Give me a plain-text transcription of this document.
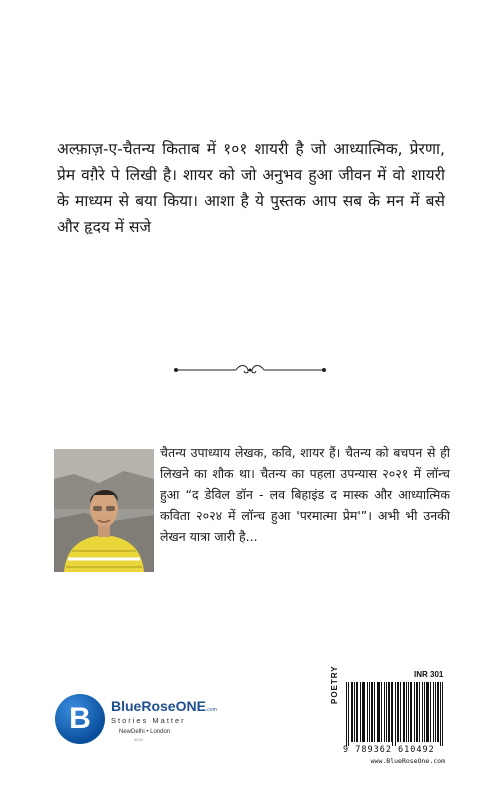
अल्फ़ाज़-ए-चैतन्य किताब में १०१ शायरी है जो आध्यात्मिक, प्रेरणा, प्रेम वग़ैरे पे लिखी है। शायर को जो अनुभव हुआ जीवन में वो शायरी के माध्यम से बया किया। आशा है ये पुस्तक आप सब के मन में बसे और हृदय में सजे

चैतन्य उपाध्याय लेखक, कवि, शायर हैं। चैतन्य को बचपन से ही लिखने का शौक था। चैतन्य का पहला उपन्यास २०२१ में लॉन्च हुआ “द डेविल डॉन - लव बिहाइंड द मास्क और आध्यात्मिक कविता २०२४ में लॉन्च हुआ 'परमात्मा प्रेम'”। अभी भी उनकी लेखन यात्रा जारी है...

B	BlueRoseONE.com
Stories Matter
NewDelhi • London
2024
INR 301
POETRY
9 789362 610492
www.BlueRoseOne.com
